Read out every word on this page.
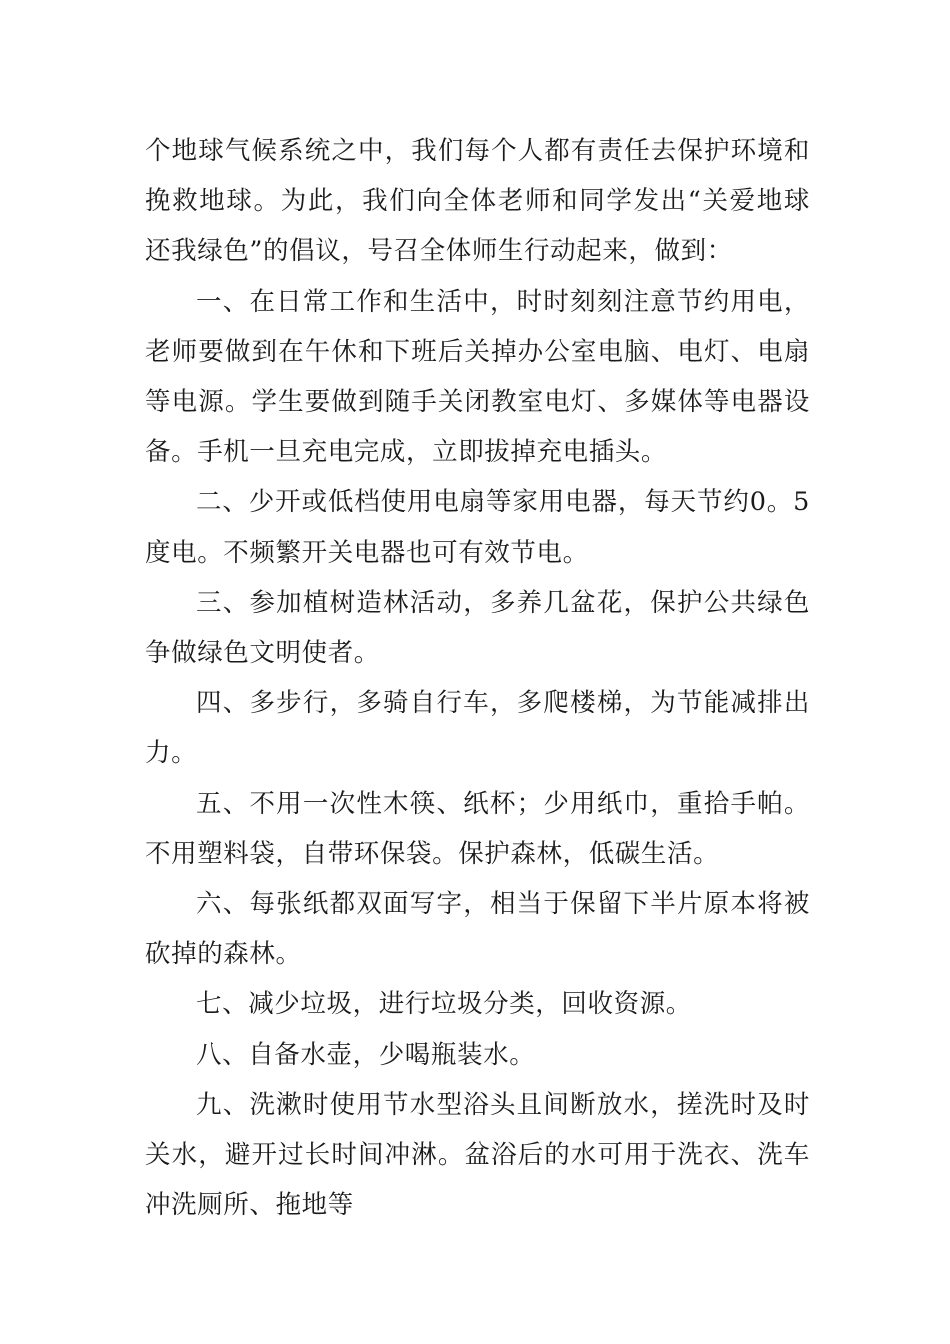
个地球气候系统之中，我们每个人都有责任去保护环境和挽救地球。为此，我们向全体老师和同学发出“关爱地球还我绿色”的倡议，号召全体师生行动起来，做到：

一、在日常工作和生活中，时时刻刻注意节约用电，老师要做到在午休和下班后关掉办公室电脑、电灯、电扇等电源。学生要做到随手关闭教室电灯、多媒体等电器设备。手机一旦充电完成，立即拔掉充电插头。

二、少开或低档使用电扇等家用电器，每天节约0。5度电。不频繁开关电器也可有效节电。

三、参加植树造林活动，多养几盆花，保护公共绿色争做绿色文明使者。

四、多步行，多骑自行车，多爬楼梯，为节能减排出力。

五、不用一次性木筷、纸杯；少用纸巾，重拾手帕。不用塑料袋，自带环保袋。保护森林，低碳生活。

六、每张纸都双面写字，相当于保留下半片原本将被砍掉的森林。

七、减少垃圾，进行垃圾分类，回收资源。

八、自备水壶，少喝瓶装水。

九、洗漱时使用节水型浴头且间断放水，搓洗时及时关水，避开过长时间冲淋。盆浴后的水可用于洗衣、洗车冲洗厕所、拖地等
